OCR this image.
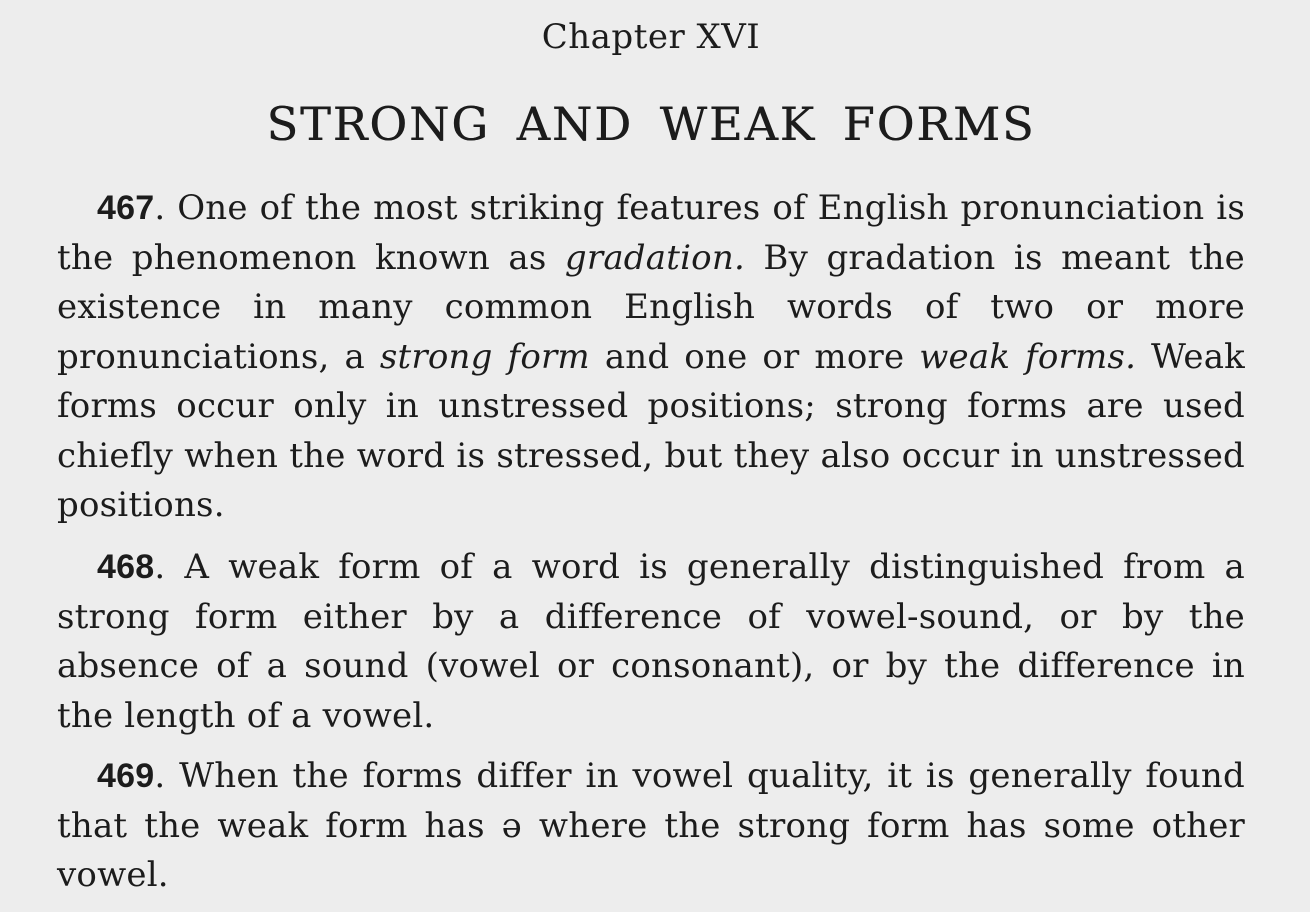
Chapter XVI
STRONG AND WEAK FORMS

467. One of the most striking features of English pronunciation is the phenomenon known as gradation. By gradation is meant the existence in many common English words of two or more pronunciations, a strong form and one or more weak forms. Weak forms occur only in unstressed positions; strong forms are used chiefly when the word is stressed, but they also occur in unstressed positions.

468. A weak form of a word is generally distinguished from a strong form either by a difference of vowel-sound, or by the absence of a sound (vowel or consonant), or by the difference in the length of a vowel.

469. When the forms differ in vowel quality, it is generally found that the weak form has ə where the strong form has some other vowel.
